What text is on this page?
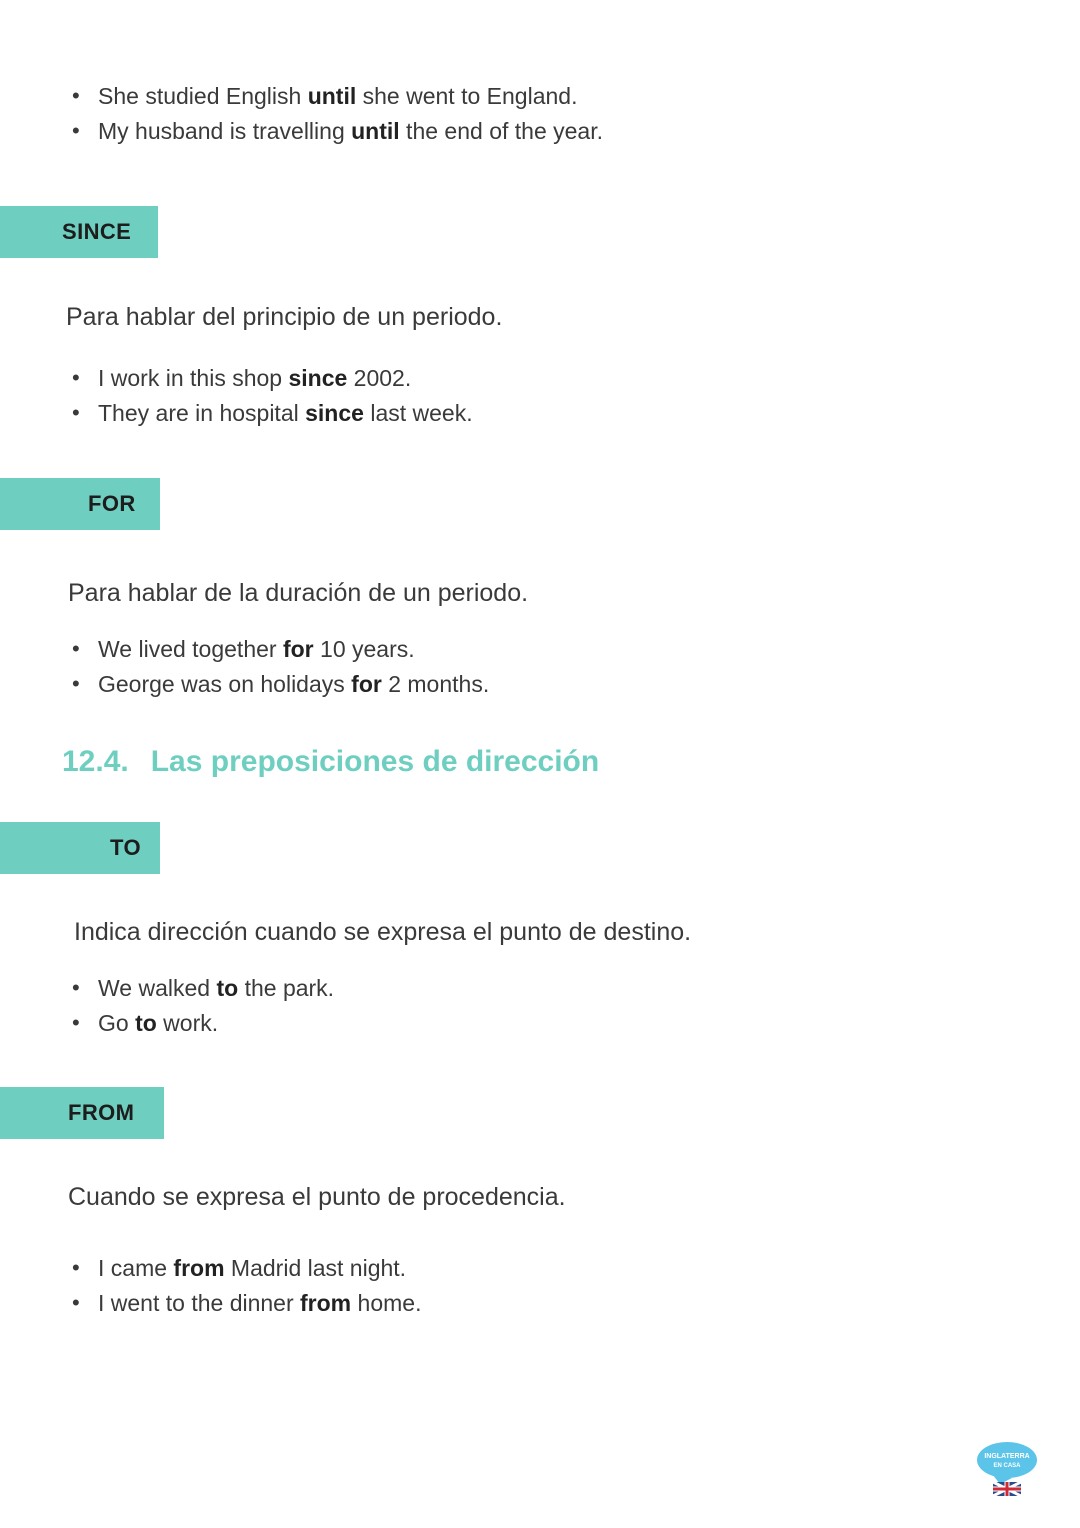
• She studied English until she went to England.
• My husband is travelling until the end of the year.
SINCE
Para hablar del principio de un periodo.
• I work in this shop since 2002.
• They are in hospital since last week.
FOR
Para hablar de la duración de un periodo.
• We lived together for 10 years.
• George was on holidays for 2 months.
12.4. Las preposiciones de dirección
TO
Indica dirección cuando se expresa el punto de destino.
• We walked to the park.
• Go to work.
FROM
Cuando se expresa el punto de procedencia.
• I came from Madrid last night.
• I went to the dinner from home.
INGLATERRA
EN CASA
